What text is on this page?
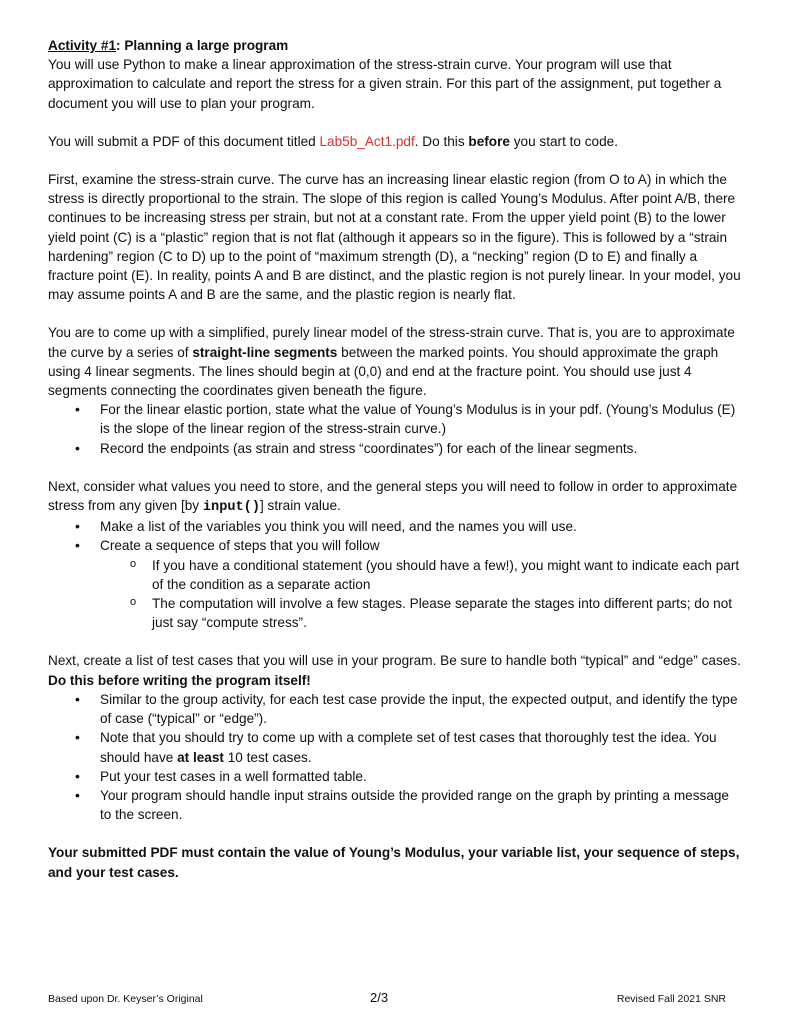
Activity #1: Planning a large program

You will use Python to make a linear approximation of the stress-strain curve. Your program will use that approximation to calculate and report the stress for a given strain. For this part of the assignment, put together a document you will use to plan your program.

You will submit a PDF of this document titled Lab5b_Act1.pdf. Do this before you start to code.

First, examine the stress-strain curve. The curve has an increasing linear elastic region (from O to A) in which the stress is directly proportional to the strain. The slope of this region is called Young’s Modulus. After point A/B, there continues to be increasing stress per strain, but not at a constant rate. From the upper yield point (B) to the lower yield point (C) is a “plastic” region that is not flat (although it appears so in the figure). This is followed by a “strain hardening” region (C to D) up to the point of “maximum strength (D), a “necking” region (D to E) and finally a fracture point (E). In reality, points A and B are distinct, and the plastic region is not purely linear. In your model, you may assume points A and B are the same, and the plastic region is nearly flat.

You are to come up with a simplified, purely linear model of the stress-strain curve. That is, you are to approximate the curve by a series of straight-line segments between the marked points. You should approximate the graph using 4 linear segments. The lines should begin at (0,0) and end at the fracture point. You should use just 4 segments connecting the coordinates given beneath the figure.

• For the linear elastic portion, state what the value of Young’s Modulus is in your pdf. (Young’s Modulus (E) is the slope of the linear region of the stress-strain curve.)
• Record the endpoints (as strain and stress “coordinates”) for each of the linear segments.

Next, consider what values you need to store, and the general steps you will need to follow in order to approximate stress from any given [by input()] strain value.

• Make a list of the variables you think you will need, and the names you will use.
• Create a sequence of steps that you will follow
o If you have a conditional statement (you should have a few!), you might want to indicate each part of the condition as a separate action
o The computation will involve a few stages. Please separate the stages into different parts; do not just say “compute stress”.

Next, create a list of test cases that you will use in your program. Be sure to handle both “typical” and “edge” cases. Do this before writing the program itself!

• Similar to the group activity, for each test case provide the input, the expected output, and identify the type of case (“typical” or “edge”).
• Note that you should try to come up with a complete set of test cases that thoroughly test the idea. You should have at least 10 test cases.
• Put your test cases in a well formatted table.
• Your program should handle input strains outside the provided range on the graph by printing a message to the screen.

Your submitted PDF must contain the value of Young’s Modulus, your variable list, your sequence of steps, and your test cases.

Based upon Dr. Keyser’s Original	2/3	Revised Fall 2021 SNR
